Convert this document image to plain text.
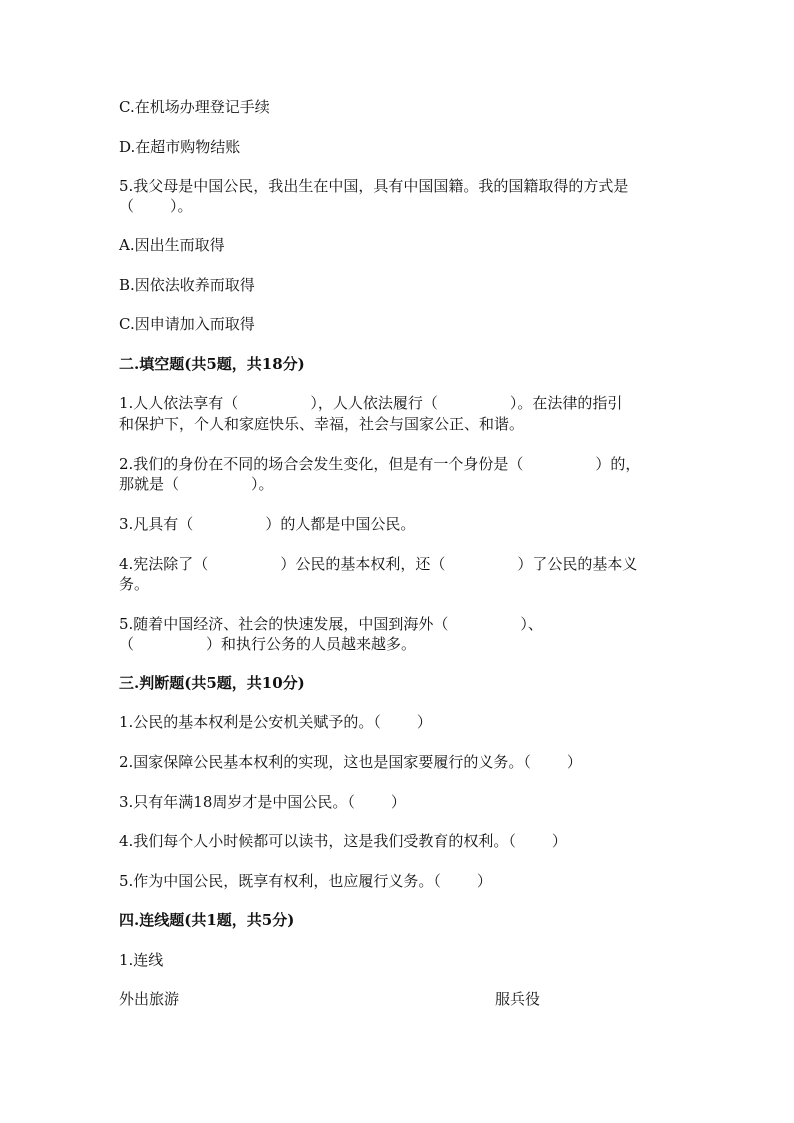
C.在机场办理登记手续

D.在超市购物结账

5.我父母是中国公民，我出生在中国，具有中国国籍。我的国籍取得的方式是

（ ）。

A.因出生而取得

B.因依法收养而取得

C.因申请加入而取得

二.填空题(共5题，共18分)

1.人人依法享有（	），人人依法履行（	）。在法律的指引

和保护下，个人和家庭快乐、幸福，社会与国家公正、和谐。

2.我们的身份在不同的场合会发生变化，但是有一个身份是（	）的，

那就是（	）。

3.凡具有（	）的人都是中国公民。

4.宪法除了（	）公民的基本权利，还（	）了公民的基本义

务。

5.随着中国经济、社会的快速发展，中国到海外（	）、

（	）和执行公务的人员越来越多。

三.判断题(共5题，共10分)

1.公民的基本权利是公安机关赋予的。（ ）

2.国家保障公民基本权利的实现，这也是国家要履行的义务。（ ）

3.只有年满18周岁才是中国公民。（ ）

4.我们每个人小时候都可以读书，这是我们受教育的权利。（ ）

5.作为中国公民，既享有权利，也应履行义务。（ ）

四.连线题(共1题，共5分)

1.连线

外出旅游	服兵役
